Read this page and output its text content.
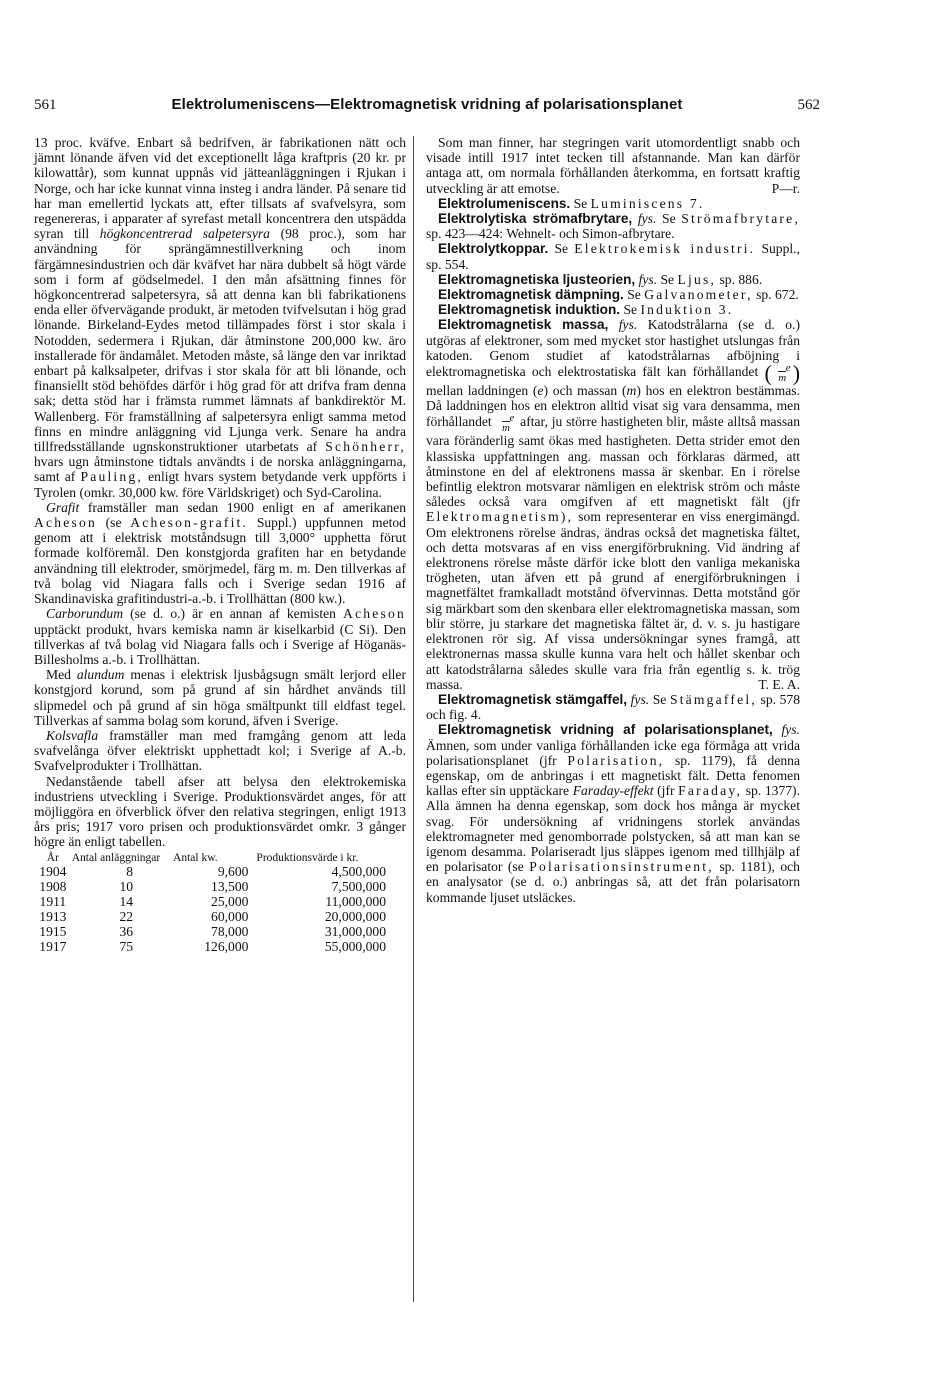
561	Elektrolumeniscens—Elektromagnetisk vridning af polarisationsplanet	562

13 proc. kväfve. Enbart så bedrifven, är fabrikationen nätt och jämnt lönande äfven vid det exceptionellt låga kraftpris (20 kr. pr kilowattår), som kunnat uppnås vid jätteanläggningen i Rjukan i Norge, och har icke kunnat vinna insteg i andra länder. På senare tid har man emellertid lyckats att, efter tillsats af svafvelsyra, som regenereras, i apparater af syrefast metall koncentrera den utspädda syran till högkoncentrerad salpetersyra (98 proc.), som har användning för sprängämnestillverkning och inom färgämnesindustrien och där kväfvet har nära dubbelt så högt värde som i form af gödselmedel. I den mån afsättning finnes för högkoncentrerad salpetersyra, så att denna kan bli fabrikationens enda eller öfvervägande produkt, är metoden tvifvelsutan i hög grad lönande. Birkeland-Eydes metod tillämpades först i stor skala i Notodden, sedermera i Rjukan, där åtminstone 200,000 kw. äro installerade för ändamålet. Metoden måste, så länge den var inriktad enbart på kalksalpeter, drifvas i stor skala för att bli lönande, och finansiellt stöd behöfdes därför i hög grad för att drifva fram denna sak; detta stöd har i främsta rummet lämnats af bankdirektör M. Wallenberg. För framställning af salpetersyra enligt samma metod finns en mindre anläggning vid Ljunga verk. Senare ha andra tillfredsställande ugnskonstruktioner utarbetats af Schönherr, hvars ugn åtminstone tidtals användts i de norska anläggningarna, samt af Pauling, enligt hvars system betydande verk uppförts i Tyrolen (omkr. 30,000 kw. före Världskriget) och Syd-Carolina.

Grafit framställer man sedan 1900 enligt en af amerikanen Acheson (se Acheson-grafit. Suppl.) uppfunnen metod genom att i elektrisk motståndsugn till 3,000° upphetta förut formade kolföremål. Den konstgjorda grafiten har en betydande användning till elektroder, smörjmedel, färg m. m. Den tillverkas af två bolag vid Niagara falls och i Sverige sedan 1916 af Skandinaviska grafitindustri-a.-b. i Trollhättan (800 kw.).

Carborundum (se d. o.) är en annan af kemisten Acheson upptäckt produkt, hvars kemiska namn är kiselkarbid (C Si). Den tillverkas af två bolag vid Niagara falls och i Sverige af Höganäs-Billesholms a.-b. i Trollhättan.

Med alundum menas i elektrisk ljusbågsugn smält lerjord eller konstgjord korund, som på grund af sin hårdhet används till slipmedel och på grund af sin höga smältpunkt till eldfast tegel. Tillverkas af samma bolag som korund, äfven i Sverige.

Kolsvafla framställer man med framgång genom att leda svafvelånga öfver elektriskt upphettadt kol; i Sverige af A.-b. Svafvelprodukter i Trollhättan.

Nedanstående tabell afser att belysa den elektrokemiska industriens utveckling i Sverige. Produktionsvärdet anges, för att möjliggöra en öfverblick öfver den relativa stegringen, enligt 1913 års pris; 1917 voro prisen och produktionsvärdet omkr. 3 gånger högre än enligt tabellen.

År	Antal anläggningar	Antal kw.	Produktionsvärde i kr.
1904	8	9,600	4,500,000
1908	10	13,500	7,500,000
1911	14	25,000	11,000,000
1913	22	60,000	20,000,000
1915	36	78,000	31,000,000
1917	75	126,000	55,000,000

Som man finner, har stegringen varit utomordentligt snabb och visade intill 1917 intet tecken till afstannande. Man kan därför antaga att, om normala förhållanden återkomma, en fortsatt kraftig utveckling är att emotse.	P—r.

Elektrolumeniscens. Se Luminiscens 7.

Elektrolytiska strömafbrytare, fys. Se Strömafbrytare, sp. 423—424: Wehnelt- och Simon-afbrytare.

Elektrolytkoppar. Se Elektrokemisk industri. Suppl., sp. 554.

Elektromagnetiska ljusteorien, fys. Se Ljus, sp. 886.

Elektromagnetisk dämpning. Se Galvanometer, sp. 672.

Elektromagnetisk induktion. Se Induktion 3.

Elektromagnetisk massa, fys. Katodstrålarna (se d. o.) utgöras af elektroner, som med mycket stor hastighet utslungas från katoden. Genom studiet af katodstrålarnas afböjning i elektromagnetiska och elektrostatiska fält kan förhållandet ( e
m ) mellan laddningen (e) och massan (m) hos en elektron bestämmas. Då laddningen hos en elektron alltid visat sig vara densamma, men förhållandet e
m aftar, ju större hastigheten blir, måste alltså massan vara föränderlig samt ökas med hastigheten. Detta strider emot den klassiska uppfattningen ang. massan och förklaras därmed, att åtminstone en del af elektronens massa är skenbar. En i rörelse befintlig elektron motsvarar nämligen en elektrisk ström och måste således också vara omgifven af ett magnetiskt fält (jfr Elektromagnetism), som representerar en viss energimängd. Om elektronens rörelse ändras, ändras också det magnetiska fältet, och detta motsvaras af en viss energiförbrukning. Vid ändring af elektronens rörelse måste därför icke blott den vanliga mekaniska trögheten, utan äfven ett på grund af energiförbrukningen i magnetfältet framkalladt motstånd öfvervinnas. Detta motstånd gör sig märkbart som den skenbara eller elektromagnetiska massan, som blir större, ju starkare det magnetiska fältet är, d. v. s. ju hastigare elektronen rör sig. Af vissa undersökningar synes framgå, att elektronernas massa skulle kunna vara helt och hållet skenbar och att katodstrålarna således skulle vara fria från egentlig s. k. trög massa.	T. E. A.

Elektromagnetisk stämgaffel, fys. Se Stämgaffel, sp. 578 och fig. 4.

Elektromagnetisk vridning af polarisationsplanet, fys. Ämnen, som under vanliga förhållanden icke ega förmåga att vrida polarisationsplanet (jfr Polarisation, sp. 1179), få denna egenskap, om de anbringas i ett magnetiskt fält. Detta fenomen kallas efter sin upptäckare Faraday-effekt (jfr Faraday, sp. 1377). Alla ämnen ha denna egenskap, som dock hos många är mycket svag. För undersökning af vridningens storlek användas elektromagneter med genomborrade polstycken, så att man kan se igenom desamma. Polariseradt ljus släppes igenom med tillhjälp af en polarisator (se Polarisationsinstrument, sp. 1181), och en analysator (se d. o.) anbringas så, att det från polarisatorn kommande ljuset utsläckes.
